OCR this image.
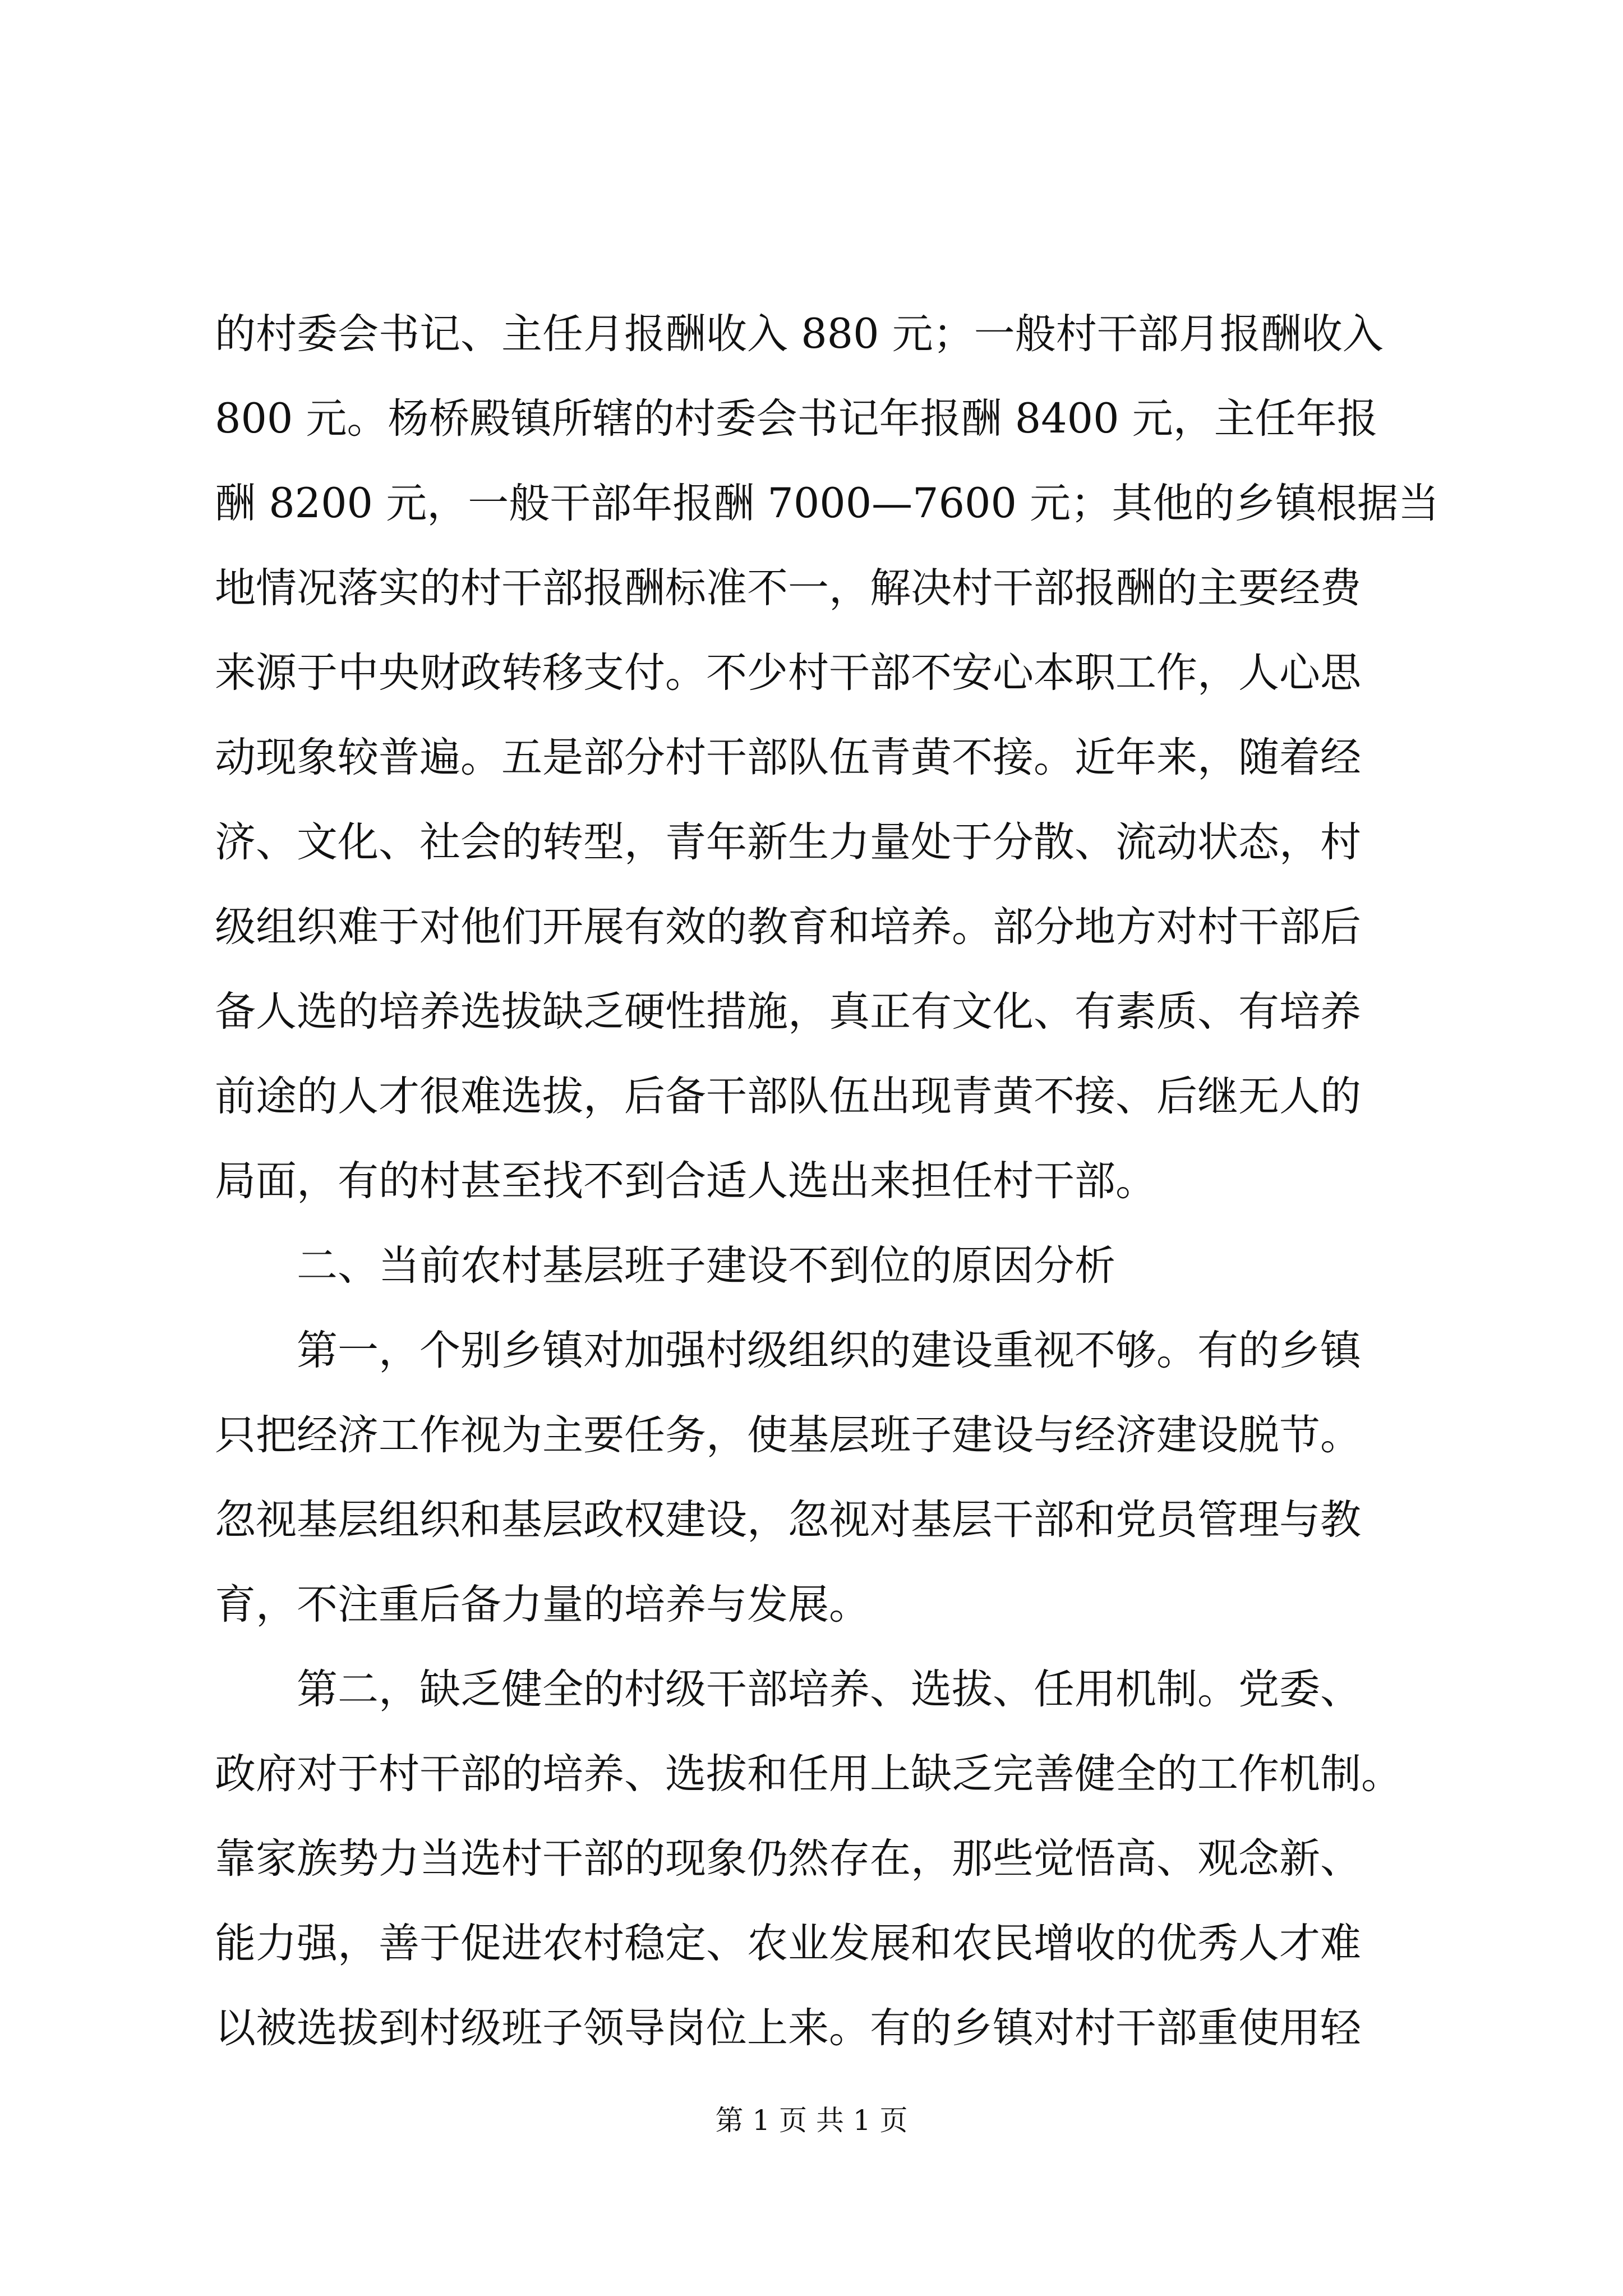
的村委会书记、主任月报酬收入 880 元；一般村干部月报酬收入
800 元。杨桥殿镇所辖的村委会书记年报酬 8400 元，主任年报
酬 8200 元，一般干部年报酬 7000—7600 元；其他的乡镇根据当
地情况落实的村干部报酬标准不一，解决村干部报酬的主要经费
来源于中央财政转移支付。不少村干部不安心本职工作，人心思
动现象较普遍。五是部分村干部队伍青黄不接。近年来，随着经
济、文化、社会的转型，青年新生力量处于分散、流动状态，村
级组织难于对他们开展有效的教育和培养。部分地方对村干部后
备人选的培养选拔缺乏硬性措施，真正有文化、有素质、有培养
前途的人才很难选拔，后备干部队伍出现青黄不接、后继无人的
局面，有的村甚至找不到合适人选出来担任村干部。
二、当前农村基层班子建设不到位的原因分析
第一，个别乡镇对加强村级组织的建设重视不够。有的乡镇
只把经济工作视为主要任务，使基层班子建设与经济建设脱节。
忽视基层组织和基层政权建设，忽视对基层干部和党员管理与教
育，不注重后备力量的培养与发展。
第二，缺乏健全的村级干部培养、选拔、任用机制。党委、
政府对于村干部的培养、选拔和任用上缺乏完善健全的工作机制。
靠家族势力当选村干部的现象仍然存在，那些觉悟高、观念新、
能力强，善于促进农村稳定、农业发展和农民增收的优秀人才难
以被选拔到村级班子领导岗位上来。有的乡镇对村干部重使用轻
第 1 页 共 1 页
